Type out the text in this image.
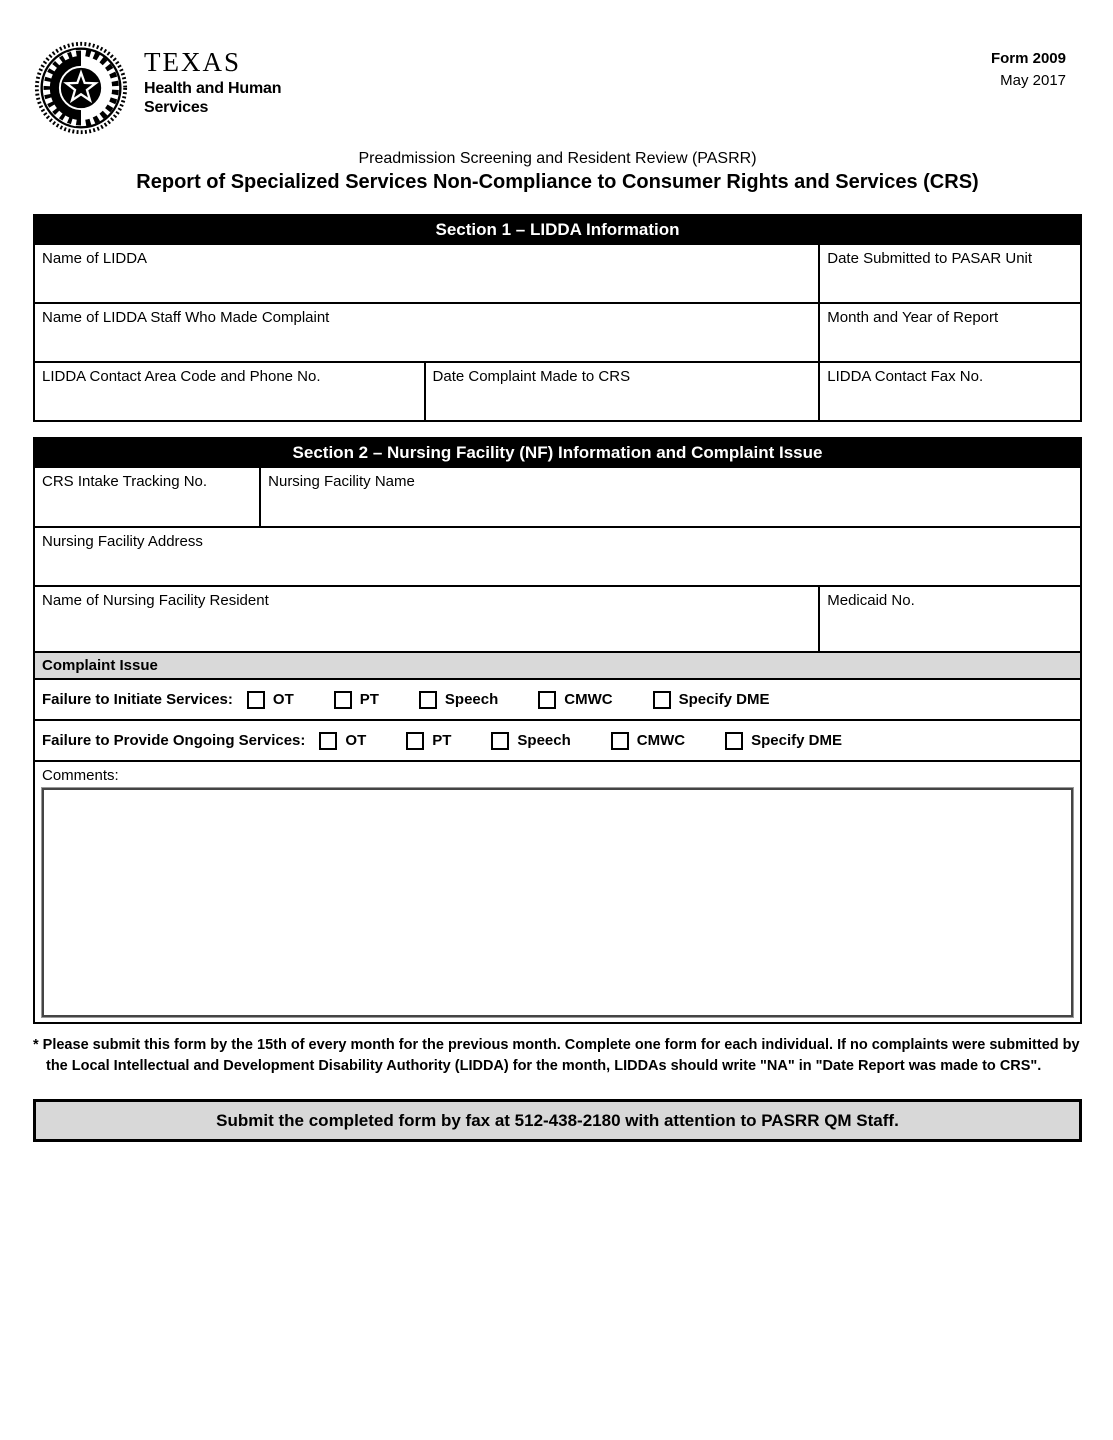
TEXAS
Health and Human
Services
Form 2009
May 2017
Preadmission Screening and Resident Review (PASRR)
Report of Specialized Services Non-Compliance to Consumer Rights and Services (CRS)
Section 1 – LIDDA Information		
Name of LIDDA		Date Submitted to PASAR Unit
Name of LIDDA Staff Who Made Complaint		Month and Year of Report
LIDDA Contact Area Code and Phone No.	Date Complaint Made to CRS	LIDDA Contact Fax No.
Section 2 – Nursing Facility (NF) Information and Complaint Issue		
CRS Intake Tracking No.	Nursing Facility Name	
Nursing Facility Address		
Name of Nursing Facility Resident		Medicaid No.
Complaint Issue		

Failure to Initiate Services:	OT	PT	Speech	CMWC	Specify DME

Failure to Provide Ongoing Services:	OT	PT	Speech	CMWC	Specify DME

Comments:		
* Please submit this form by the 15th of every month for the previous month. Complete one form for each individual. If no complaints were submitted by the Local Intellectual and Development Disability Authority (LIDDA) for the month, LIDDAs should write "NA" in "Date Report was made to CRS".
Submit the completed form by fax at 512-438-2180 with attention to PASRR QM Staff.
